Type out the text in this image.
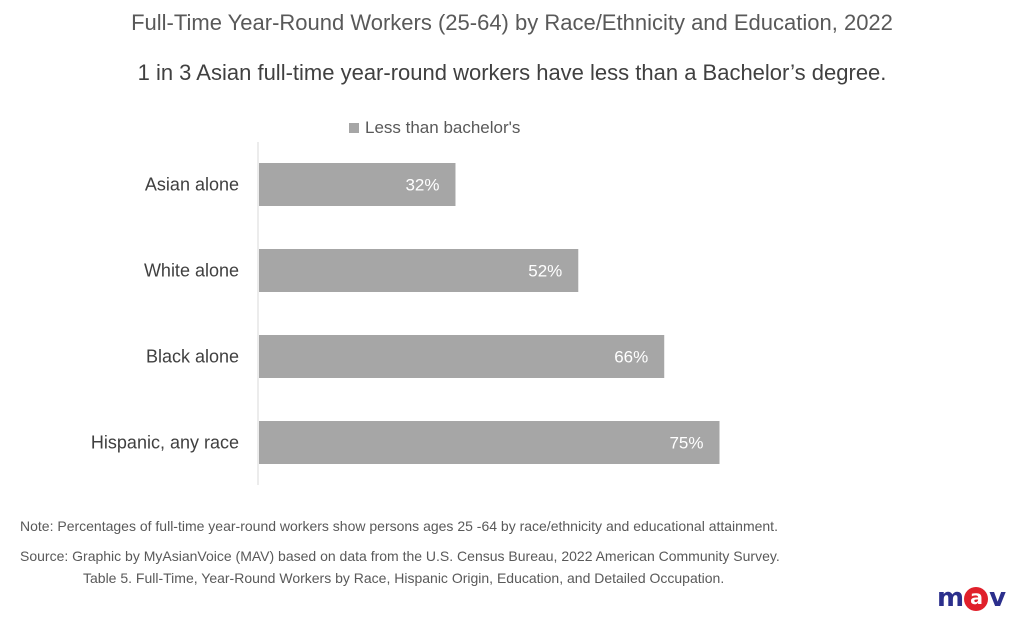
Full-Time Year-Round Workers (25-64) by Race/Ethnicity and Education, 2022
1 in 3 Asian full-time year-round workers have less than a Bachelor’s degree.
Less than bachelor's
Asian alone	32%
White alone	52%
Black alone	66%
Hispanic, any race	75%
Note: Percentages of full-time year-round workers show persons ages 25 -64 by race/ethnicity and educational attainment.
Source: Graphic by MyAsianVoice (MAV) based on data from the U.S. Census Bureau, 2022 American Community Survey.
Table 5. Full-Time, Year-Round Workers by Race, Hispanic Origin, Education, and Detailed Occupation.
m a v
